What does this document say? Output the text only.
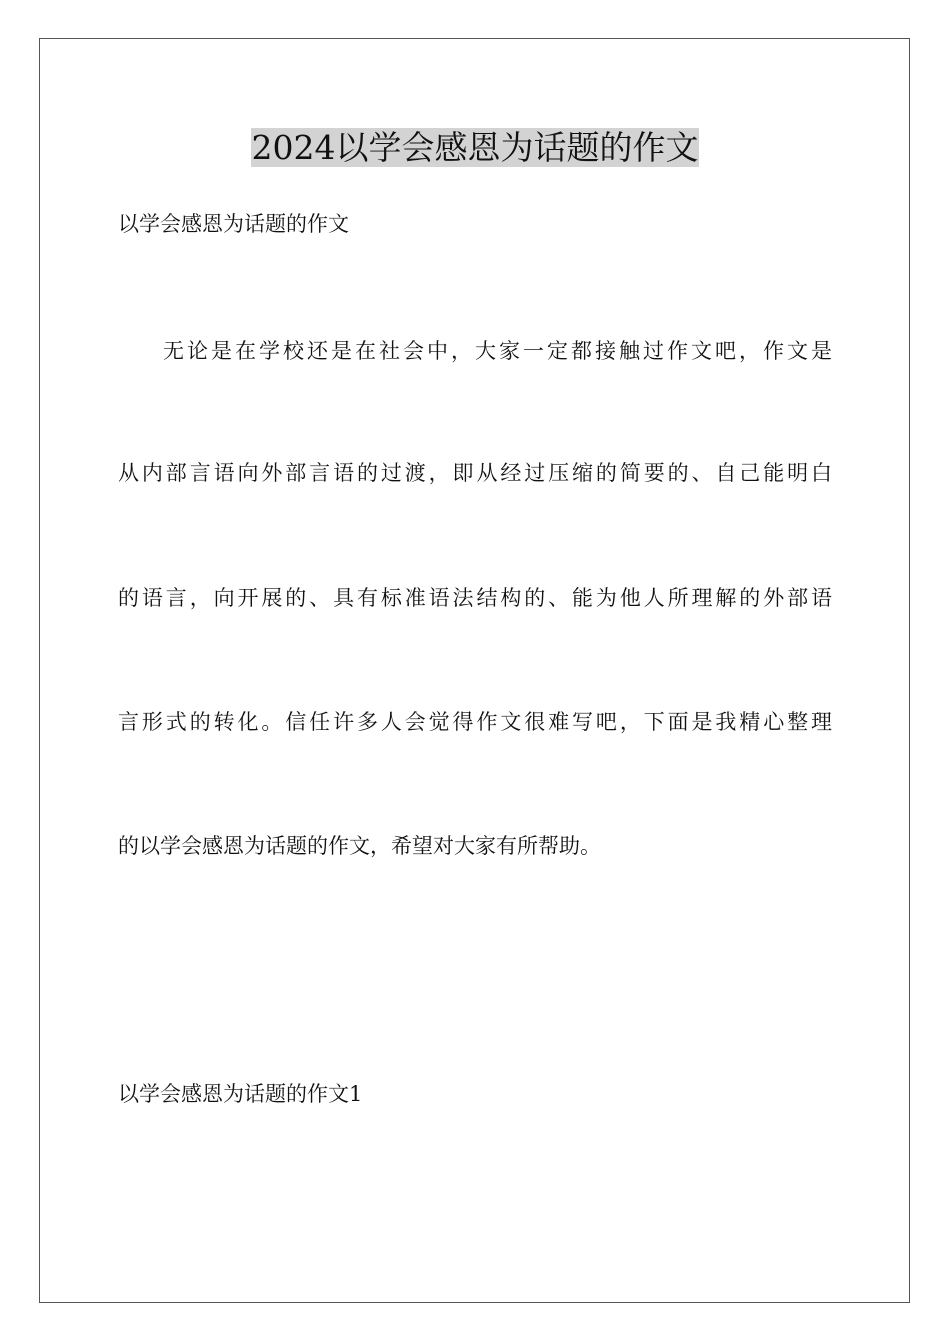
2024以学会感恩为话题的作文

以学会感恩为话题的作文

无论是在学校还是在社会中，大家一定都接触过作文吧，作文是

从内部言语向外部言语的过渡，即从经过压缩的简要的、自己能明白

的语言，向开展的、具有标准语法结构的、能为他人所理解的外部语

言形式的转化。信任许多人会觉得作文很难写吧，下面是我精心整理

的以学会感恩为话题的作文，希望对大家有所帮助。

以学会感恩为话题的作文1
